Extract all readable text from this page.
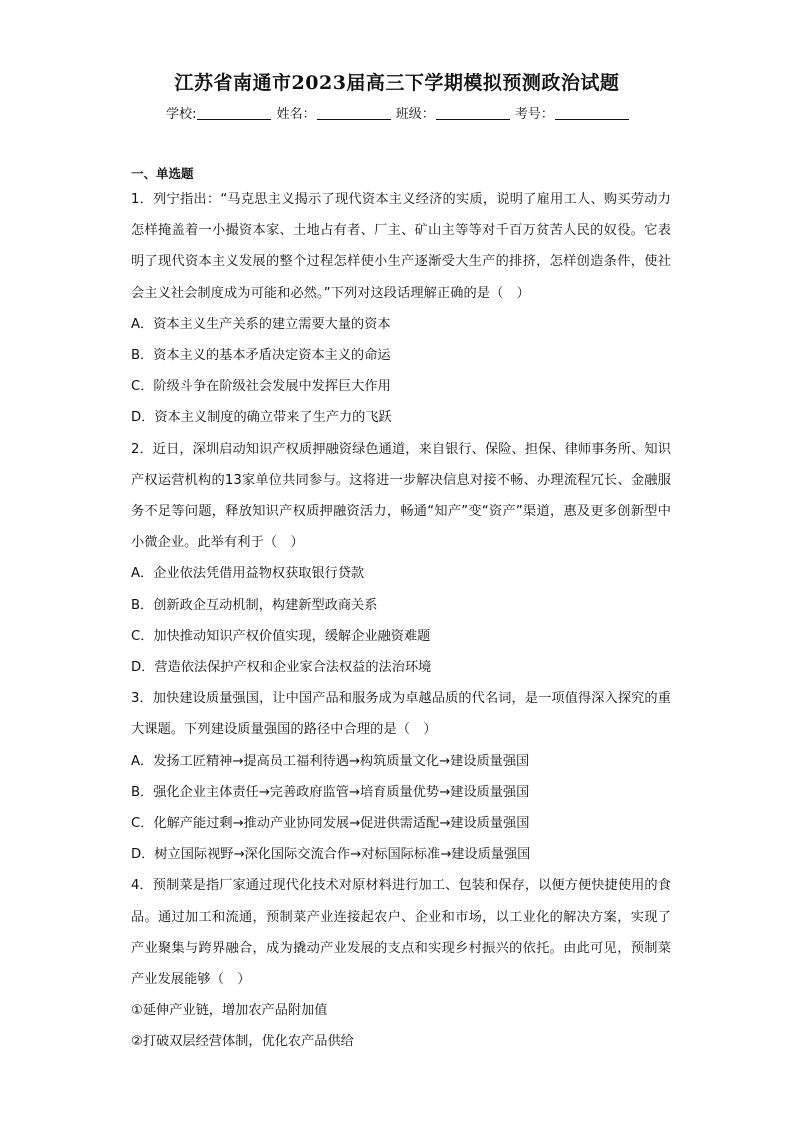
江苏省南通市2023届高三下学期模拟预测政治试题
学校:	姓名：	班级：	考号：
一、单选题
1．列宁指出：“马克思主义揭示了现代资本主义经济的实质，说明了雇用工人、购买劳动力怎样掩盖着一小撮资本家、土地占有者、厂主、矿山主等等对千百万贫苦人民的奴役。它表明了现代资本主义发展的整个过程怎样使小生产逐渐受大生产的排挤，怎样创造条件，使社会主义社会制度成为可能和必然。”下列对这段话理解正确的是（　）
A．资本主义生产关系的建立需要大量的资本
B．资本主义的基本矛盾决定资本主义的命运
C．阶级斗争在阶级社会发展中发挥巨大作用
D．资本主义制度的确立带来了生产力的飞跃
2．近日，深圳启动知识产权质押融资绿色通道，来自银行、保险、担保、律师事务所、知识产权运营机构的13家单位共同参与。这将进一步解决信息对接不畅、办理流程冗长、金融服务不足等问题，释放知识产权质押融资活力，畅通“知产”变“资产”渠道，惠及更多创新型中小微企业。此举有利于（　）
A．企业依法凭借用益物权获取银行贷款
B．创新政企互动机制，构建新型政商关系
C．加快推动知识产权价值实现，缓解企业融资难题
D．营造依法保护产权和企业家合法权益的法治环境
3．加快建设质量强国，让中国产品和服务成为卓越品质的代名词，是一项值得深入探究的重大课题。下列建设质量强国的路径中合理的是（　）
A．发扬工匠精神→提高员工福利待遇→构筑质量文化→建设质量强国
B．强化企业主体责任→完善政府监管→培育质量优势→建设质量强国
C．化解产能过剩→推动产业协同发展→促进供需适配→建设质量强国
D．树立国际视野→深化国际交流合作→对标国际标准→建设质量强国
4．预制菜是指厂家通过现代化技术对原材料进行加工、包装和保存，以便方便快捷使用的食品。通过加工和流通，预制菜产业连接起农户、企业和市场，以工业化的解决方案，实现了产业聚集与跨界融合，成为撬动产业发展的支点和实现乡村振兴的依托。由此可见，预制菜产业发展能够（　）
①延伸产业链，增加农产品附加值
②打破双层经营体制，优化农产品供给
